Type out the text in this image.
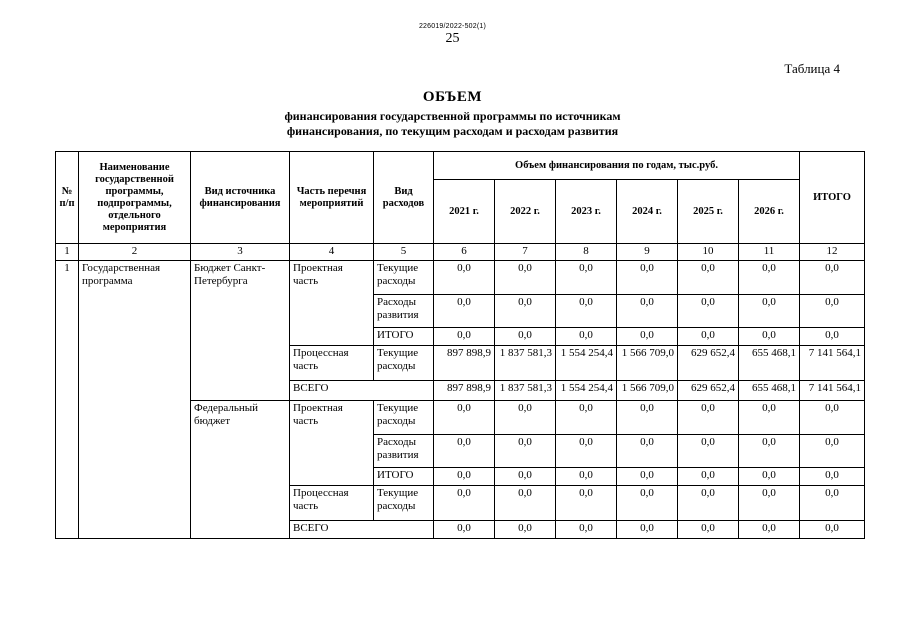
226019/2022-502(1)
25
Таблица 4
ОБЪЕМ
финансирования государственной программы по источникам
финансирования, по текущим расходам и расходам развития
№ п/п	Наименование государственной программы, подпрограммы, отдельного мероприятия	Вид источника финансирования	Часть перечня мероприятий	Вид расходов	Объем финансирования по годам, тыс.руб.						ИТОГО
					2021 г.	2022 г.	2023 г.	2024 г.	2025 г.	2026 г.	
1	2	3	4	5	6	7	8	9	10	11	12
1	Государственная программа	Бюджет Санкт-Петербурга	Проектная часть	Текущие расходы	0,0	0,0	0,0	0,0	0,0	0,0	0,0
				Расходы развития	0,0	0,0	0,0	0,0	0,0	0,0	0,0
				ИТОГО	0,0	0,0	0,0	0,0	0,0	0,0	0,0
			Процессная часть	Текущие расходы	897 898,9	1 837 581,3	1 554 254,4	1 566 709,0	629 652,4	655 468,1	7 141 564,1
			ВСЕГО		897 898,9	1 837 581,3	1 554 254,4	1 566 709,0	629 652,4	655 468,1	7 141 564,1
		Федеральный бюджет	Проектная часть	Текущие расходы	0,0	0,0	0,0	0,0	0,0	0,0	0,0
				Расходы развития	0,0	0,0	0,0	0,0	0,0	0,0	0,0
				ИТОГО	0,0	0,0	0,0	0,0	0,0	0,0	0,0
			Процессная часть	Текущие расходы	0,0	0,0	0,0	0,0	0,0	0,0	0,0
			ВСЕГО		0,0	0,0	0,0	0,0	0,0	0,0	0,0
